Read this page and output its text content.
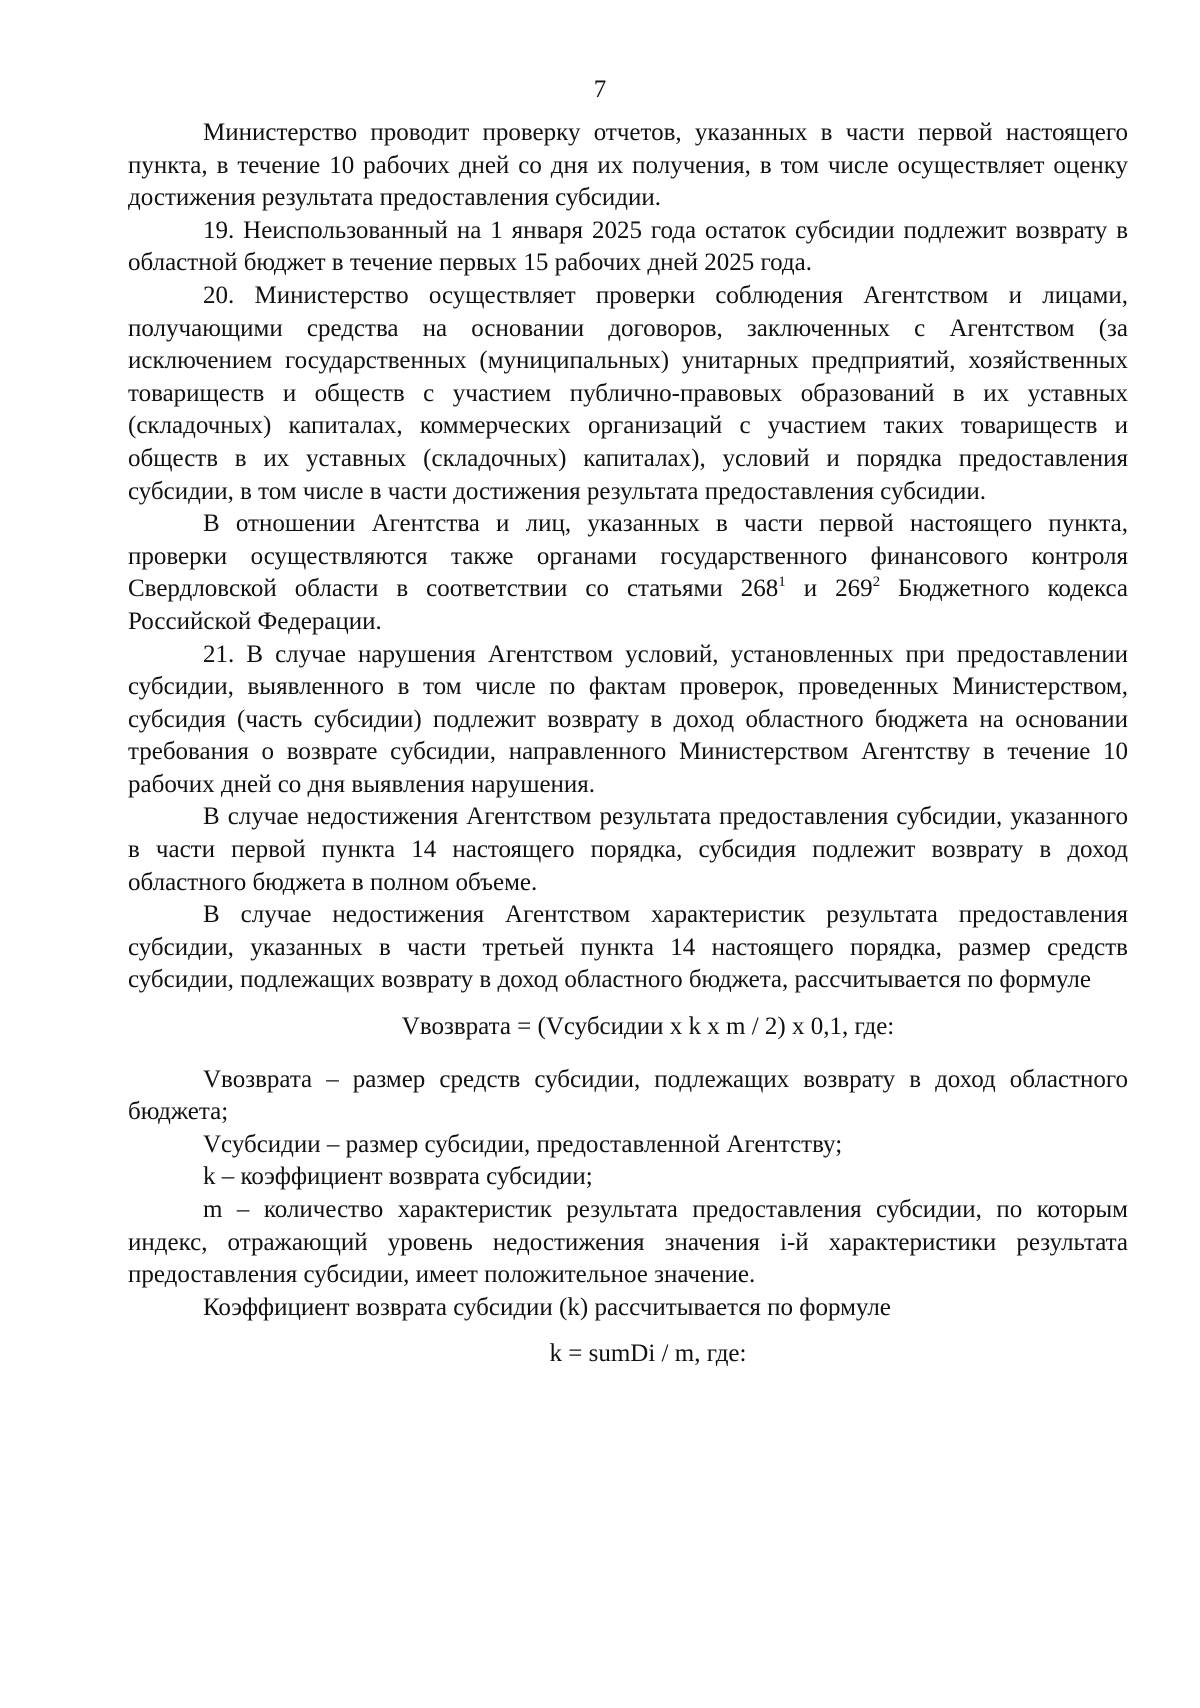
7

Министерство проводит проверку отчетов, указанных в части первой настоящего пункта, в течение 10 рабочих дней со дня их получения, в том числе осуществляет оценку достижения результата предоставления субсидии.

19. Неиспользованный на 1 января 2025 года остаток субсидии подлежит возврату в областной бюджет в течение первых 15 рабочих дней 2025 года.

20. Министерство осуществляет проверки соблюдения Агентством и лицами, получающими средства на основании договоров, заключенных с Агентством (за исключением государственных (муниципальных) унитарных предприятий, хозяйственных товариществ и обществ с участием публично-правовых образований в их уставных (складочных) капиталах, коммерческих организаций с участием таких товариществ и обществ в их уставных (складочных) капиталах), условий и порядка предоставления субсидии, в том числе в части достижения результата предоставления субсидии.

В отношении Агентства и лиц, указанных в части первой настоящего пункта, проверки осуществляются также органами государственного финансового контроля Свердловской области в соответствии со статьями $268^1$ и $269^2$ Бюджетного кодекса Российской Федерации.

21. В случае нарушения Агентством условий, установленных при предоставлении субсидии, выявленного в том числе по фактам проверок, проведенных Министерством, субсидия (часть субсидии) подлежит возврату в доход областного бюджета на основании требования о возврате субсидии, направленного Министерством Агентству в течение 10 рабочих дней со дня выявления нарушения.

В случае недостижения Агентством результата предоставления субсидии, указанного в части первой пункта 14 настоящего порядка, субсидия подлежит возврату в доход областного бюджета в полном объеме.

В случае недостижения Агентством характеристик результата предоставления субсидии, указанных в части третьей пункта 14 настоящего порядка, размер средств субсидии, подлежащих возврату в доход областного бюджета, рассчитывается по формуле

Vвозврата = (Vсубсидии x k x m / 2) x 0,1, где:

Vвозврата – размер средств субсидии, подлежащих возврату в доход областного бюджета;

Vсубсидии – размер субсидии, предоставленной Агентству;

k – коэффициент возврата субсидии;

m – количество характеристик результата предоставления субсидии, по которым индекс, отражающий уровень недостижения значения i-й характеристики результата предоставления субсидии, имеет положительное значение.

Коэффициент возврата субсидии (k) рассчитывается по формуле

k = sumDi / m, где:
